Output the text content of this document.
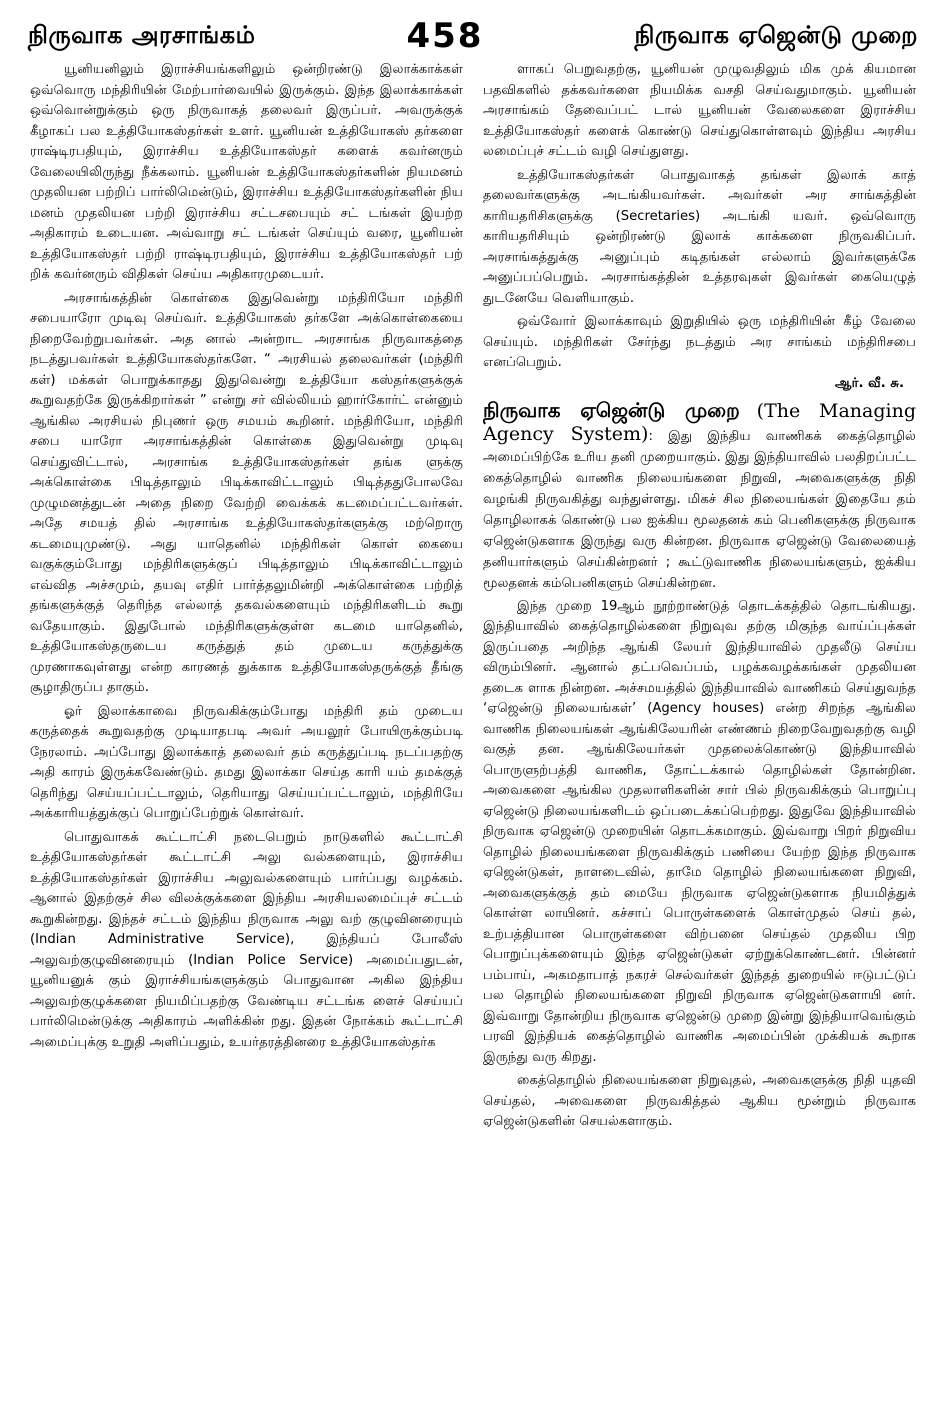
நிருவாக அரசாங்கம்	458	நிருவாக ஏஜென்டு முறை

யூனியனிலும் இராச்சியங்களிலும் ஒன்றிரண்டு இலாக்காக்கள் ஒவ்வொரு மந்திரியின் மேற்பார்வையில் இருக்கும். இந்த இலாக்காக்கள் ஒவ்வொன்றுக்கும் ஒரு நிருவாகத் தலைவர் இருப்பர். அவருக்குக் கீழாகப் பல உத்தியோகஸ்தர்கள் உளர். யூனியன் உத்தியோகஸ் தர்களை ராஷ்டிரபதியும், இராச்சிய உத்தியோகஸ்தர் களைக் கவர்னரும் வேலையிலிருந்து நீக்கலாம். யூனியன் உத்தியோகஸ்தர்களின் நியமனம் முதலியன பற்றிப் பார்லிமென்டும், இராச்சிய உத்தியோகஸ்தர்களின் நிய மனம் முதலியன பற்றி இராச்சிய சட்டசபையும் சட் டங்கள் இயற்ற அதிகாரம் உடையன. அவ்வாறு சட் டங்கள் செய்யும் வரை, யூனியன் உத்தியோகஸ்தர் பற்றி ராஷ்டிரபதியும், இராச்சிய உத்தியோகஸ்தர் பற் றிக் கவர்னரும் விதிகள் செய்ய அதிகாரமுடையர்.

அரசாங்கத்தின் கொள்கை இதுவென்று மந்திரியோ மந்திரி சபையாரோ முடிவு செய்வர். உத்தியோகஸ் தர்களே அக்கொள்கையை நிறைவேற்றுபவர்கள். அத னால் அன்றாட அரசாங்க நிருவாகத்தை நடத்துபவர்கள் உத்தியோகஸ்தர்களே. “ அரசியல் தலைவர்கள் (மந்திரி கள்) மக்கள் பொறுக்காதது இதுவென்று உத்தியோ கஸ்தர்களுக்குக் கூறுவதற்கே இருக்கிறார்கள் ” என்று சர் வில்லியம் ஹார்கோர்ட் என்னும் ஆங்கில அரசியல் நிபுணர் ஒரு சமயம் கூறினர். மந்திரியோ, மந்திரி சபை யாரோ அரசாங்கத்தின் கொள்கை இதுவென்று முடிவு செய்துவிட்டால், அரசாங்க உத்தியோகஸ்தர்கள் தங்க ளுக்கு அக்கொள்கை பிடித்தாலும் பிடிக்காவிட்டாலும் பிடித்ததுபோலவே முழுமனத்துடன் அதை நிறை வேற்றி வைக்கக் கடமைப்பட்டவர்கள். அதே சமயத் தில் அரசாங்க உத்தியோகஸ்தர்களுக்கு மற்றொரு கடமையுமுண்டு. அது யாதெனில் மந்திரிகள் கொள் கையை வகுக்கும்போது மந்திரிகளுக்குப் பிடித்தாலும் பிடிக்காவிட்டாலும் எவ்வித அச்சமும், தயவு எதிர் பார்த்தலுமின்றி அக்கொள்கை பற்றித் தங்களுக்குத் தெரிந்த எல்லாத் தகவல்களையும் மந்திரிகளிடம் கூறு வதேயாகும். இதுபோல் மந்திரிகளுக்குள்ள கடமை யாதெனில், உத்தியோகஸ்தருடைய கருத்துத் தம் முடைய கருத்துக்கு முரணாகவுள்ளது என்ற காரணத் துக்காக உத்தியோகஸ்தருக்குத் தீங்கு சூழாதிருப்ப தாகும்.

ஓர் இலாக்காவை நிருவகிக்கும்போது மந்திரி தம் முடைய கருத்தைக் கூறுவதற்கு முடியாதபடி அவர் அயலூர் போயிருக்கும்படி நேரலாம். அப்போது இலாக்காத் தலைவர் தம் கருத்துப்படி நடப்பதற்கு அதி காரம் இருக்கவேண்டும். தமது இலாக்கா செய்த காரி யம் தமக்குத் தெரிந்து செய்யப்பட்டாலும், தெரியாது செய்யப்பட்டாலும், மந்திரியே அக்காரியத்துக்குப் பொறுப்பேற்றுக் கொள்வர்.

பொதுவாகக் கூட்டாட்சி நடைபெறும் நாடுகளில் கூட்டாட்சி உத்தியோகஸ்தர்கள் கூட்டாட்சி அலு வல்களையும், இராச்சிய உத்தியோகஸ்தர்கள் இராச்சிய அலுவல்களையும் பார்ப்பது வழக்கம். ஆனால் இதற்குச் சில விலக்குக்களை இந்திய அரசியலமைப்புச் சட்டம் கூறுகின்றது. இந்தச் சட்டம் இந்திய நிருவாக அலு வற் குழுவினரையும் (Indian Administrative Service), இந்தியப் போலீஸ் அலுவற்குழுவினரையும் (Indian Police Service) அமைப்பதுடன், யூனியனுக் கும் இராச்சியங்களுக்கும் பொதுவான அகில இந்திய அலுவற்குழுக்களை நியமிப்பதற்கு வேண்டிய சட்டங்க ளைச் செய்யப் பார்லிமென்டுக்கு அதிகாரம் அளிக்கின் றது. இதன் நோக்கம் கூட்டாட்சி அமைப்புக்கு உறுதி அளிப்பதும், உயர்தரத்தினரை உத்தியோகஸ்தர்க

ளாகப் பெறுவதற்கு, யூனியன் முழுவதிலும் மிக முக் கியமான பதவிகளில் தக்கவர்களை நியமிக்க வசதி செய்வதுமாகும். யூனியன் அரசாங்கம் தேவைப்பட் டால் யூனியன் வேலைகளை இராச்சிய உத்தியோகஸ்தர் களைக் கொண்டு செய்துகொள்ளவும் இந்திய அரசிய லமைப்புச் சட்டம் வழி செய்துளது.

உத்தியோகஸ்தர்கள் பொதுவாகத் தங்கள் இலாக் காத் தலைவர்களுக்கு அடங்கியவர்கள். அவர்கள் அர சாங்கத்தின் காரியதரிசிகளுக்கு (Secretaries) அடங்கி யவர். ஒவ்வொரு காரியதரிசியும் ஒன்றிரண்டு இலாக் காக்களை நிருவகிப்பர். அரசாங்கத்துக்கு அனுப்பும் கடிதங்கள் எல்லாம் இவர்களுக்கே அனுப்பப்பெறும். அரசாங்கத்தின் உத்தரவுகள் இவர்கள் கையெழுத் துடனேயே வெளியாகும்.

ஒவ்வோர் இலாக்காவும் இறுதியில் ஒரு மந்திரியின் கீழ் வேலை செய்யும். மந்திரிகள் சேர்ந்து நடத்தும் அர சாங்கம் மந்திரிசபை எனப்பெறும்.

ஆர். வீ. சு.
நிருவாக ஏஜென்டு முறை (The Managing Agency System): இது இந்திய வாணிகக் கைத்தொழில் அமைப்பிற்கே உரிய தனி முறையாகும். இது இந்தியாவில் பலதிறப்பட்ட கைத்தொழில் வாணிக நிலையங்களை நிறுவி, அவைகளுக்கு நிதி வழங்கி நிருவகித்து வந்துள்ளது. மிகச் சில நிலையங்கள் இதையே தம் தொழிலாகக் கொண்டு பல ஐக்கிய மூலதனக் கம் பெனிகளுக்கு நிருவாக ஏஜென்டுகளாக இருந்து வரு கின்றன. நிருவாக ஏஜென்டு வேலையைத் தனியார்களும் செய்கின்றனர் ; கூட்டுவாணிக நிலையங்களும், ஐக்கிய மூலதனக் கம்பெனிகளும் செய்கின்றன.

இந்த முறை 19ஆம் நூற்றாண்டுத் தொடக்கத்தில் தொடங்கியது. இந்தியாவில் கைத்தொழில்களை நிறுவுவ தற்கு மிகுந்த வாய்ப்புக்கள் இருப்பதை அறிந்த ஆங்கி லேயர் இந்தியாவில் முதலீடு செய்ய விரும்பினர். ஆனால் தட்பவெப்பம், பழக்கவழக்கங்கள் முதலியன தடைக ளாக நின்றன. அச்சமயத்தில் இந்தியாவில் வாணிகம் செய்துவந்த ‘ஏஜென்டு நிலையங்கள்’ (Agency houses) என்ற சிறந்த ஆங்கில வாணிக நிலையங்கள் ஆங்கிலேயரின் எண்ணம் நிறைவேறுவதற்கு வழி வகுத் தன. ஆங்கிலேயர்கள் முதலைக்கொண்டு இந்தியாவில் பொருளுற்பத்தி வாணிக, தோட்டக்கால் தொழில்கள் தோன்றின. அவைகளை ஆங்கில முதலாளிகளின் சார் பில் நிருவகிக்கும் பொறுப்பு ஏஜென்டு நிலையங்களிடம் ஒப்படைக்கப்பெற்றது. இதுவே இந்தியாவில் நிருவாக ஏஜென்டு முறையின் தொடக்கமாகும். இவ்வாறு பிறர் நிறுவிய தொழில் நிலையங்களை நிருவகிக்கும் பணியை யேற்ற இந்த நிருவாக ஏஜென்டுகள், நாளடைவில், தாமே தொழில் நிலையங்களை நிறுவி, அவைகளுக்குத் தம் மையே நிருவாக ஏஜென்டுகளாக நியமித்துக் கொள்ள லாயினர். கச்சாப் பொருள்களைக் கொள்முதல் செய் தல், உற்பத்தியான பொருள்களை விற்பனை செய்தல் முதலிய பிற பொறுப்புக்களையும் இந்த ஏஜென்டுகள் ஏற்றுக்கொண்டனர். பின்னர் பம்பாய், அகமதாபாத் நகரச் செல்வர்கள் இந்தத் துறையில் ஈடுபட்டுப் பல தொழில் நிலையங்களை நிறுவி நிருவாக ஏஜென்டுகளாயி னர். இவ்வாறு தோன்றிய நிருவாக ஏஜென்டு முறை இன்று இந்தியாவெங்கும் பரவி இந்தியக் கைத்தொழில் வாணிக அமைப்பின் முக்கியக் கூறாக இருந்து வரு கிறது.

கைத்தொழில் நிலையங்களை நிறுவுதல், அவைகளுக்கு நிதி யுதவி செய்தல், அவைகளை நிருவகித்தல் ஆகிய மூன்றும் நிருவாக ஏஜென்டுகளின் செயல்களாகும்.
